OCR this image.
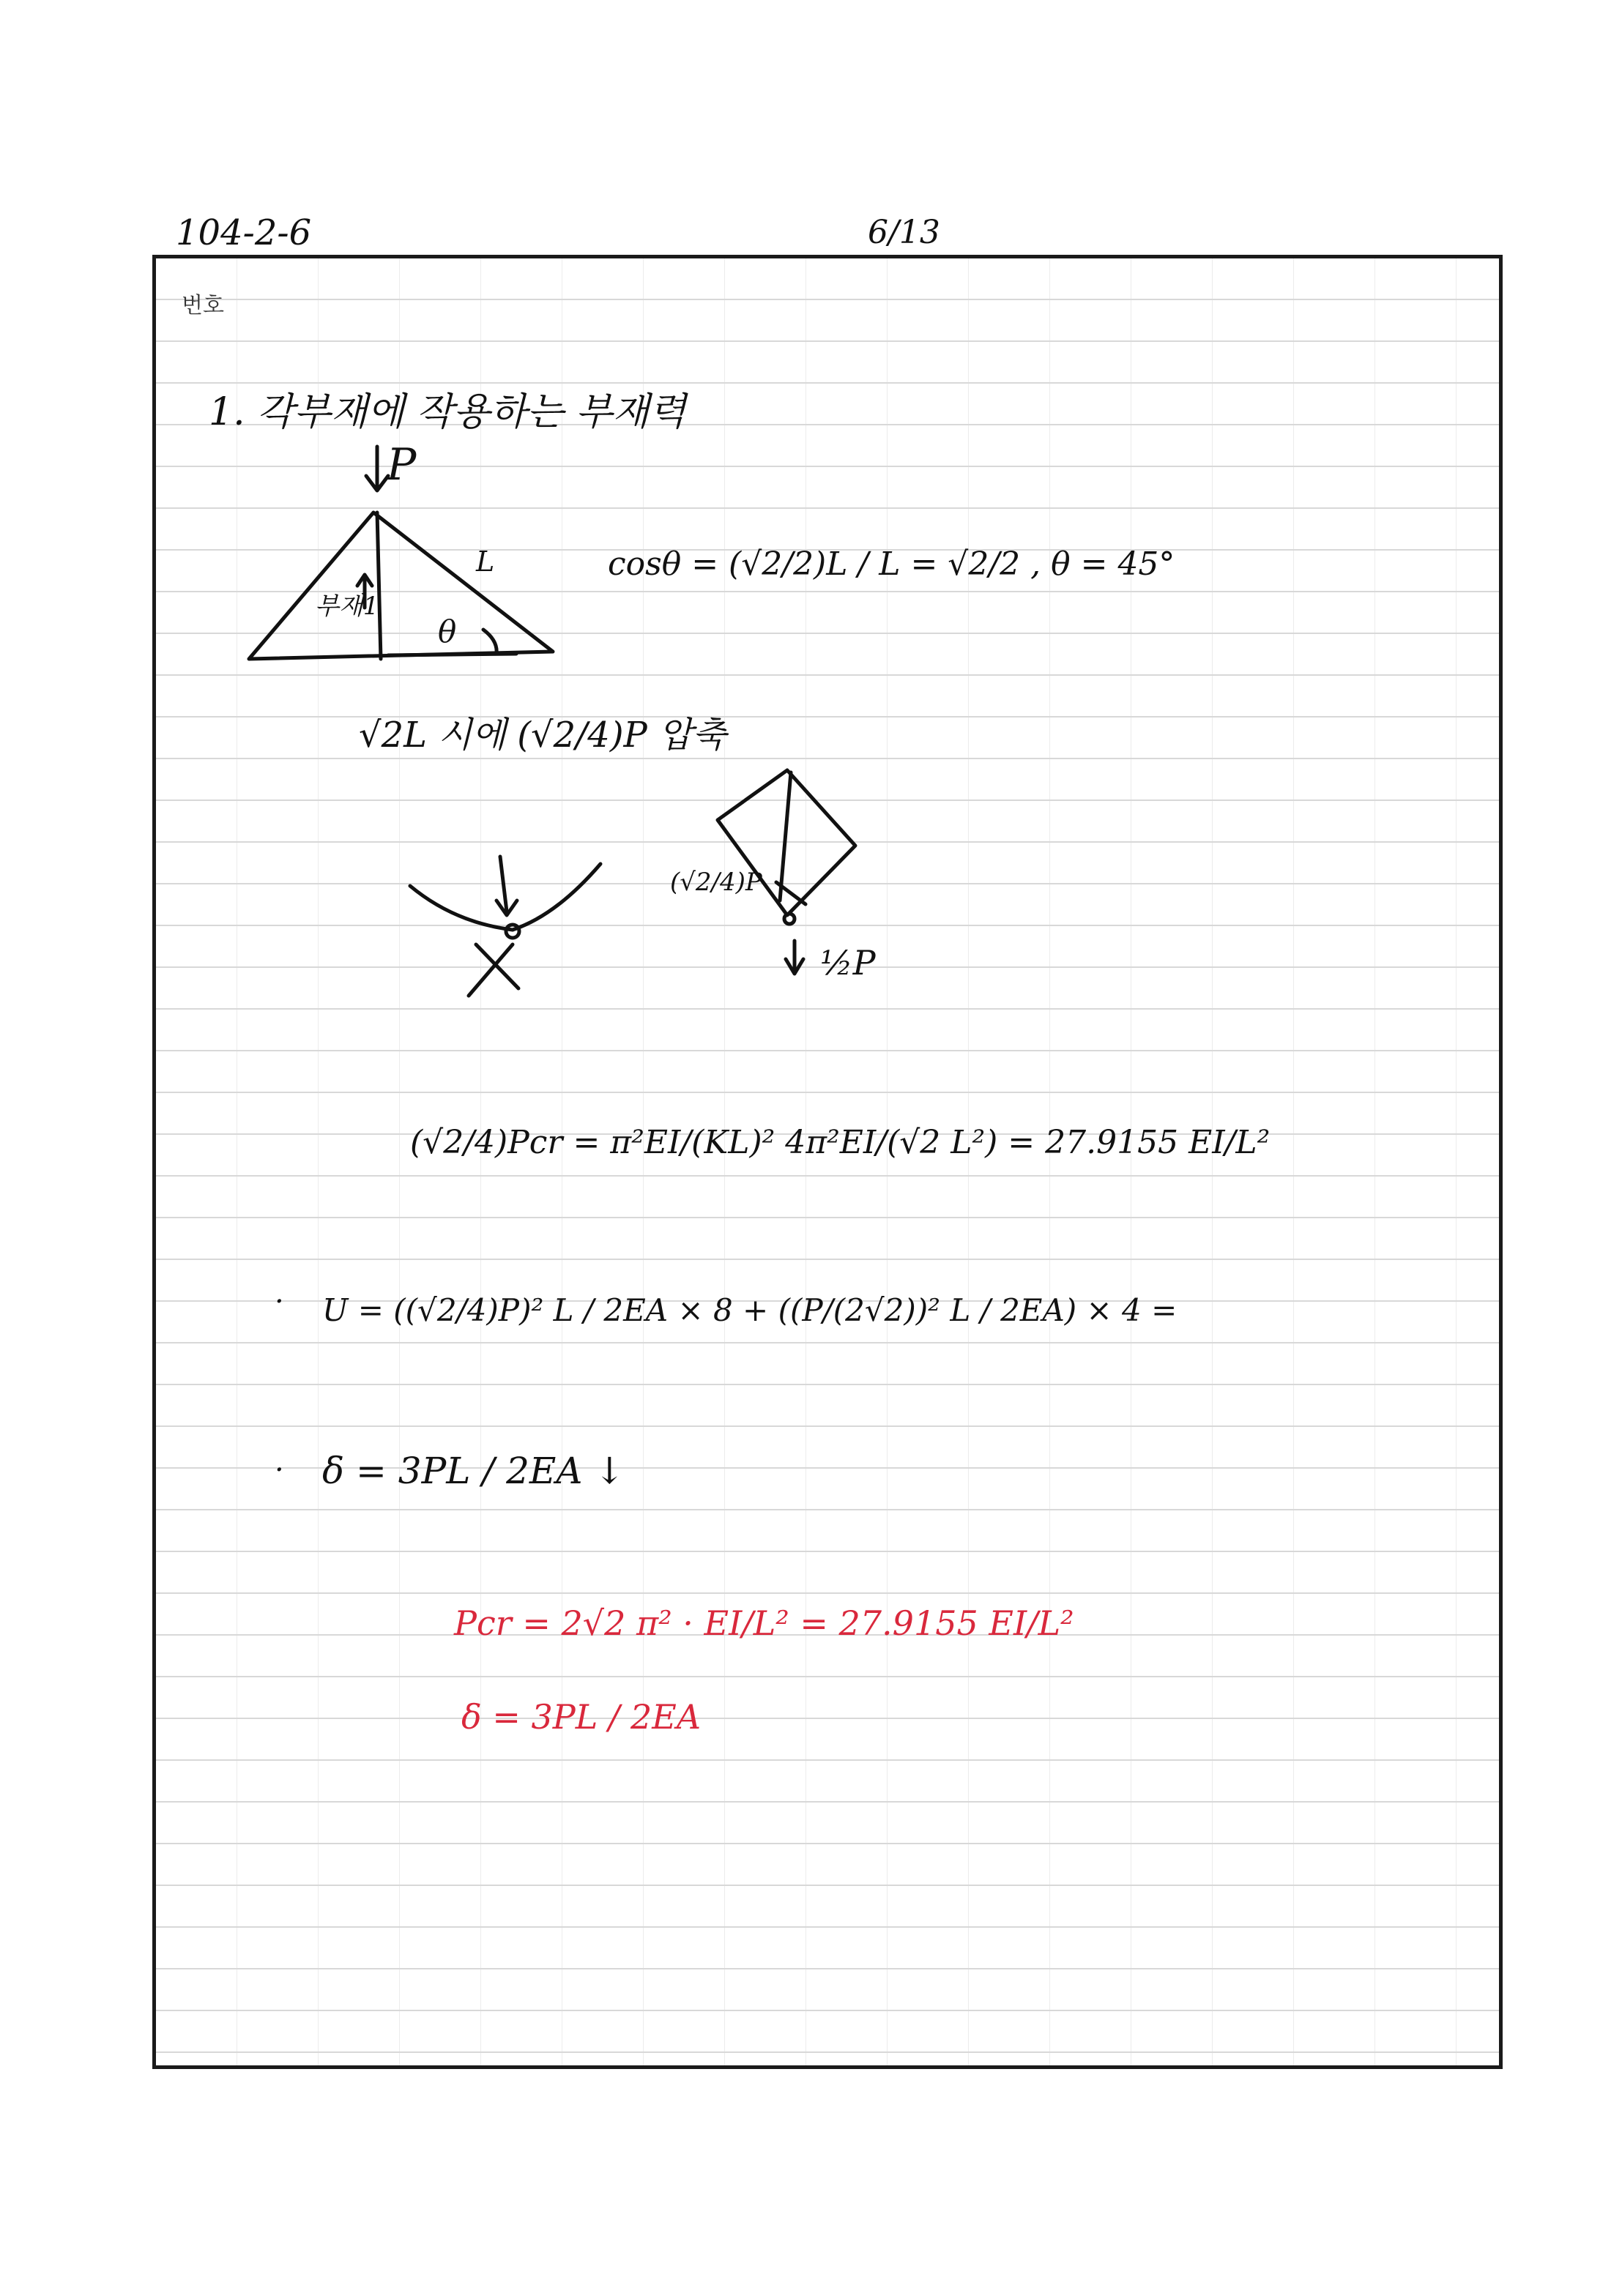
104-2-6	6/13
번호
1. 각부재에 작용하는 부재력
P
L
부재1
θ
cosθ = (√2/2)L / L = √2/2 , θ = 45°
√2L 시에 (√2/4)P 압축
(√2/4)P
½P
(√2/4)Pcr = π²EI/(KL)² 4π²EI/(√2 L²) = 27.9155 EI/L²
· U = ((√2/4)P)² L / 2EA × 8 + ((P/(2√2))² L / 2EA) × 4 =
· δ = 3PL / 2EA ↓
Pcr = 2√2 π² · EI/L² = 27.9155 EI/L²
δ = 3PL / 2EA
